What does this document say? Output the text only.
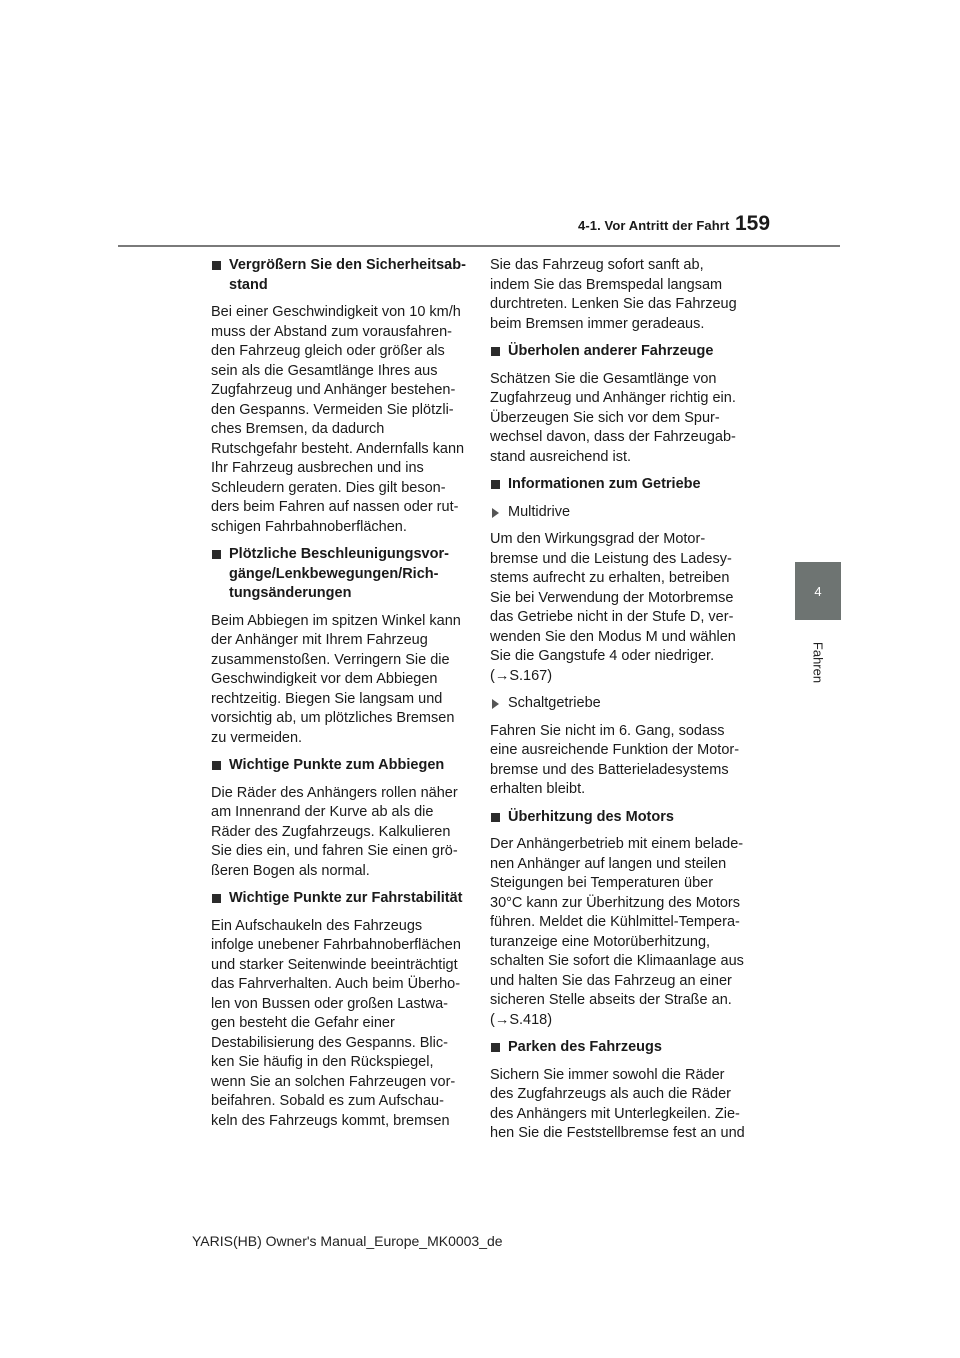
4-1. Vor Antritt der Fahrt 159
4
Fahren
Vergrößern Sie den Sicherheitsab-
stand
Bei einer Geschwindigkeit von 10 km/h
muss der Abstand zum vorausfahren-
den Fahrzeug gleich oder größer als
sein als die Gesamtlänge Ihres aus
Zugfahrzeug und Anhänger bestehen-
den Gespanns. Vermeiden Sie plötzli-
ches Bremsen, da dadurch
Rutschgefahr besteht. Andernfalls kann
Ihr Fahrzeug ausbrechen und ins
Schleudern geraten. Dies gilt beson-
ders beim Fahren auf nassen oder rut-
schigen Fahrbahnoberflächen.
Plötzliche Beschleunigungsvor-
gänge/Lenkbewegungen/Rich-
tungsänderungen
Beim Abbiegen im spitzen Winkel kann
der Anhänger mit Ihrem Fahrzeug
zusammenstoßen. Verringern Sie die
Geschwindigkeit vor dem Abbiegen
rechtzeitig. Biegen Sie langsam und
vorsichtig ab, um plötzliches Bremsen
zu vermeiden.
Wichtige Punkte zum Abbiegen
Die Räder des Anhängers rollen näher
am Innenrand der Kurve ab als die
Räder des Zugfahrzeugs. Kalkulieren
Sie dies ein, und fahren Sie einen grö-
ßeren Bogen als normal.
Wichtige Punkte zur Fahrstabilität
Ein Aufschaukeln des Fahrzeugs
infolge unebener Fahrbahnoberflächen
und starker Seitenwinde beeinträchtigt
das Fahrverhalten. Auch beim Überho-
len von Bussen oder großen Lastwa-
gen besteht die Gefahr einer
Destabilisierung des Gespanns. Blic-
ken Sie häufig in den Rückspiegel,
wenn Sie an solchen Fahrzeugen vor-
beifahren. Sobald es zum Aufschau-
keln des Fahrzeugs kommt, bremsen
Sie das Fahrzeug sofort sanft ab,
indem Sie das Bremspedal langsam
durchtreten. Lenken Sie das Fahrzeug
beim Bremsen immer geradeaus.
Überholen anderer Fahrzeuge
Schätzen Sie die Gesamtlänge von
Zugfahrzeug und Anhänger richtig ein.
Überzeugen Sie sich vor dem Spur-
wechsel davon, dass der Fahrzeugab-
stand ausreichend ist.
Informationen zum Getriebe
Multidrive
Um den Wirkungsgrad der Motor-
bremse und die Leistung des Ladesy-
stems aufrecht zu erhalten, betreiben
Sie bei Verwendung der Motorbremse
das Getriebe nicht in der Stufe D, ver-
wenden Sie den Modus M und wählen
Sie die Gangstufe 4 oder niedriger.
(→S.167)
Schaltgetriebe
Fahren Sie nicht im 6. Gang, sodass
eine ausreichende Funktion der Motor-
bremse und des Batterieladesystems
erhalten bleibt.
Überhitzung des Motors
Der Anhängerbetrieb mit einem belade-
nen Anhänger auf langen und steilen
Steigungen bei Temperaturen über
30°C kann zur Überhitzung des Motors
führen. Meldet die Kühlmittel-Tempera-
turanzeige eine Motorüberhitzung,
schalten Sie sofort die Klimaanlage aus
und halten Sie das Fahrzeug an einer
sicheren Stelle abseits der Straße an.
(→S.418)
Parken des Fahrzeugs
Sichern Sie immer sowohl die Räder
des Zugfahrzeugs als auch die Räder
des Anhängers mit Unterlegkeilen. Zie-
hen Sie die Feststellbremse fest an und
YARIS(HB) Owner's Manual_Europe_MK0003_de
